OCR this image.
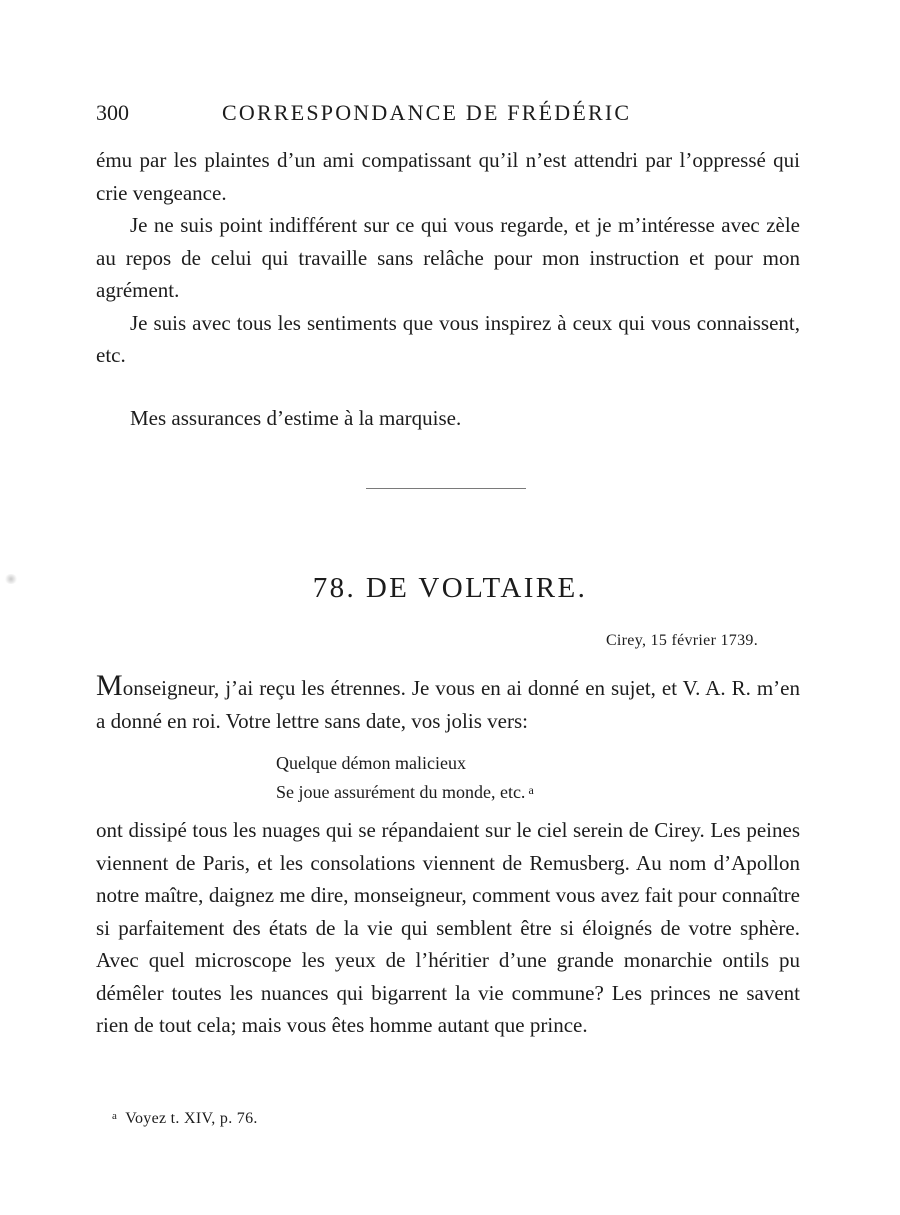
300	CORRESPONDANCE DE FRÉDÉRIC

ému par les plaintes d’un ami compatissant qu’il n’est attendri par l’oppressé qui crie vengeance.

Je ne suis point indifférent sur ce qui vous regarde, et je m’intéresse avec zèle au repos de celui qui travaille sans relâche pour mon instruction et pour mon agrément.

Je suis avec tous les sentiments que vous inspirez à ceux qui vous connaissent, etc.

Mes assurances d’estime à la marquise.
78. DE VOLTAIRE.
Cirey, 15 février 1739.

Monseigneur, j’ai reçu les étrennes. Je vous en ai donné en sujet, et V. A. R. m’en a donné en roi. Votre lettre sans date, vos jolis vers:

Quelque démon malicieux
Se joue assurément du monde, etc. $^a$

ont dissipé tous les nuages qui se répandaient sur le ciel serein de Cirey. Les peines viennent de Paris, et les consolations viennent de Remusberg. Au nom d’Apollon notre maître, daignez me dire, monseigneur, comment vous avez fait pour connaître si parfaitement des états de la vie qui semblent être si éloignés de votre sphère. Avec quel microscope les yeux de l’héritier d’une grande monarchie ontils pu démêler toutes les nuances qui bigarrent la vie commune? Les princes ne savent rien de tout cela; mais vous êtes homme autant que prince.

$^a$ Voyez t. XIV, p. 76.
